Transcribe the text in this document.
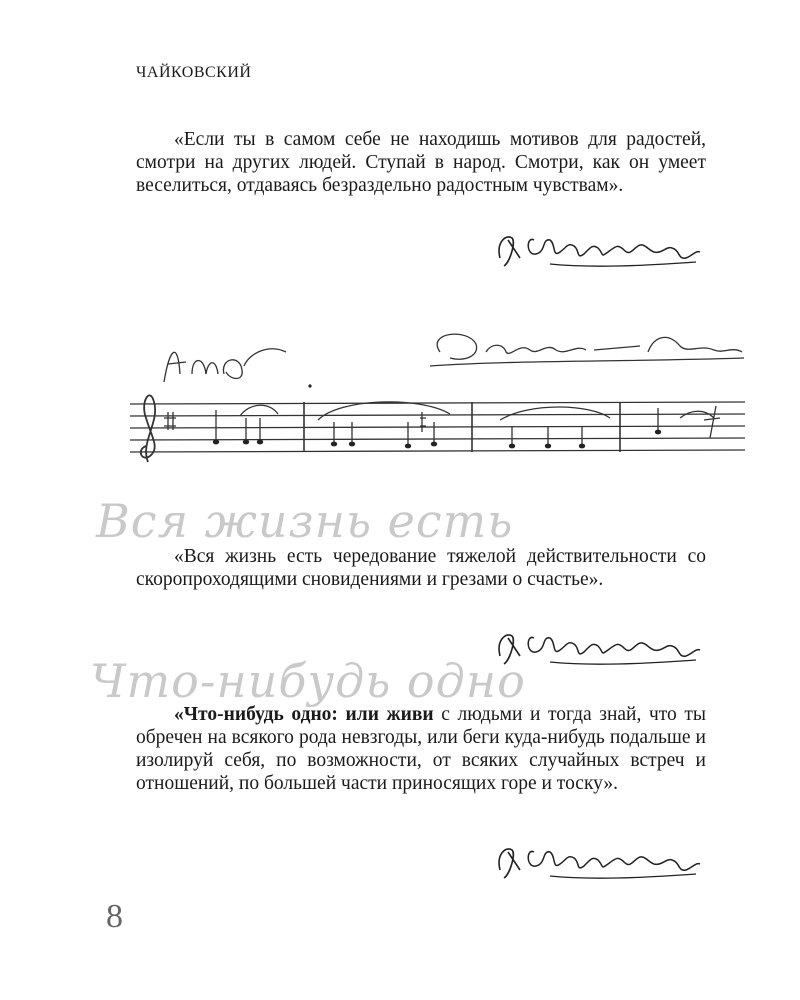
ЧАЙКОВСКИЙ

«Если ты в самом себе не находишь мотивов для радостей, смотри на других людей. Ступай в народ. Смотри, как он умеет веселиться, отдаваясь безраздельно радостным чувствам».

Вся жизнь есть

«Вся жизнь есть чередование тяжелой действительности со скоропроходящими сновидениями и грезами о счастье».

Что-нибудь одно

«Что-нибудь одно: или живи с людьми и тогда знай, что ты обречен на всякого рода невзгоды, или беги куда-нибудь подальше и изолируй себя, по возможности, от всяких случайных встреч и отношений, по большей части приносящих горе и тоску».

8
